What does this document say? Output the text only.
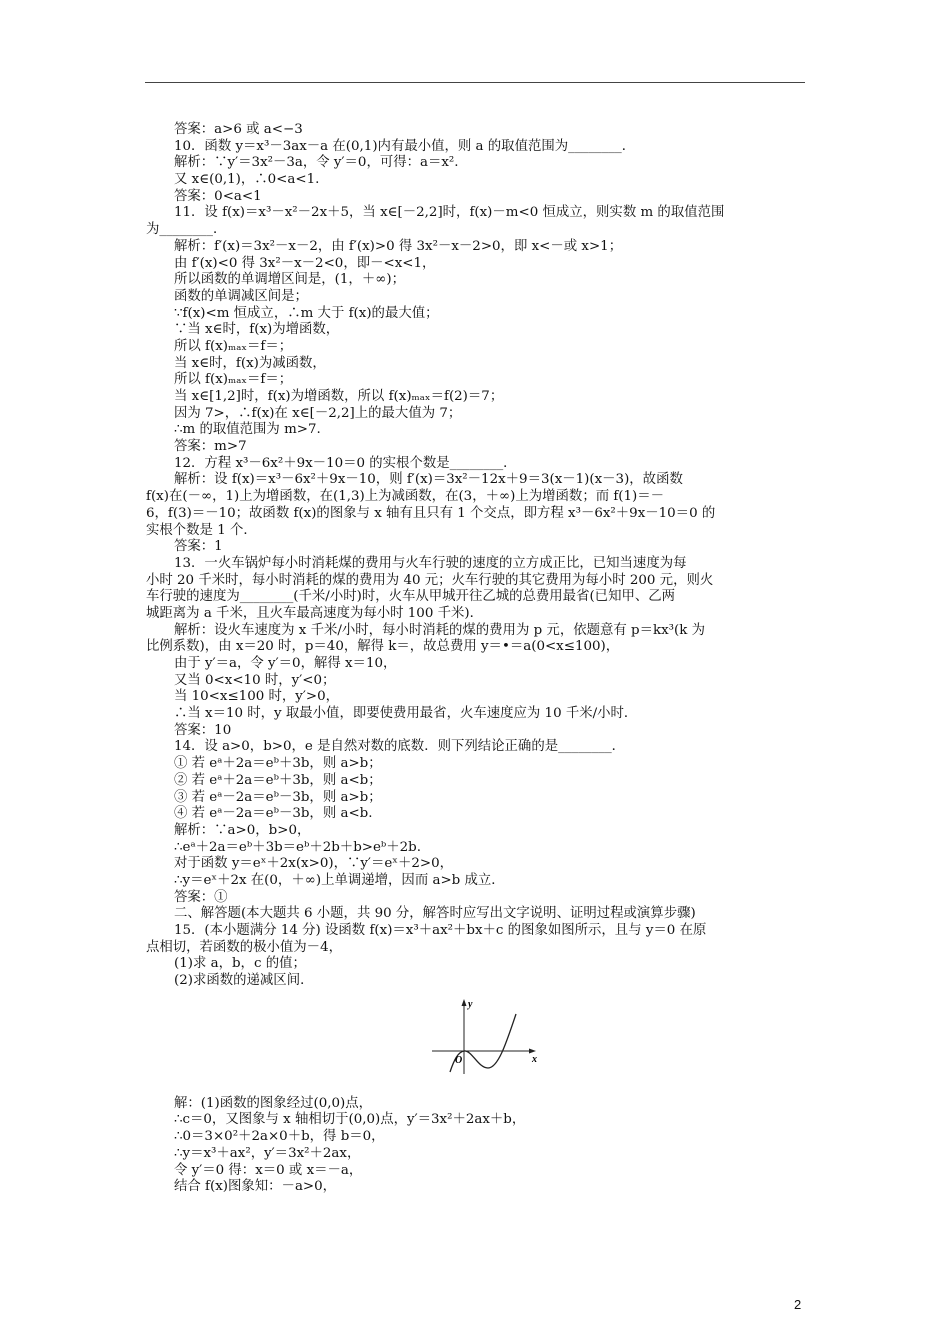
答案：a>6 或 a<−3
10．函数 y＝x³－3ax－a 在(0,1)内有最小值，则 a 的取值范围为________．
解析：∵y′＝3x²－3a，令 y′＝0，可得：a＝x².
又 x∈(0,1)，∴0<a<1.
答案：0<a<1
11．设 f(x)＝x³－x²－2x＋5，当 x∈[－2,2]时，f(x)－m<0 恒成立，则实数 m 的取值范围
为________．
解析：f′(x)＝3x²－x－2，由 f′(x)>0 得 3x²－x－2>0，即 x<－或 x>1；
由 f′(x)<0 得 3x²－x－2<0，即－<x<1，
所以函数的单调增区间是，(1，＋∞)；
函数的单调减区间是；
∵f(x)<m 恒成立，∴m 大于 f(x)的最大值；
∵当 x∈时，f(x)为增函数，
所以 f(x)ₘₐₓ＝f＝；
当 x∈时，f(x)为减函数，
所以 f(x)ₘₐₓ＝f＝；
当 x∈[1,2]时，f(x)为增函数，所以 f(x)ₘₐₓ＝f(2)＝7；
因为 7>，∴f(x)在 x∈[－2,2]上的最大值为 7；
∴m 的取值范围为 m>7.
答案：m>7
12．方程 x³－6x²＋9x－10＝0 的实根个数是________．
解析：设 f(x)＝x³－6x²＋9x－10，则 f′(x)＝3x²－12x＋9＝3(x－1)(x－3)，故函数
f(x)在(－∞，1)上为增函数，在(1,3)上为减函数，在(3，＋∞)上为增函数；而 f(1)＝－
6，f(3)＝－10；故函数 f(x)的图象与 x 轴有且只有 1 个交点，即方程 x³－6x²＋9x－10＝0 的
实根个数是 1 个．
答案：1
13．一火车锅炉每小时消耗煤的费用与火车行驶的速度的立方成正比，已知当速度为每
小时 20 千米时，每小时消耗的煤的费用为 40 元；火车行驶的其它费用为每小时 200 元，则火
车行驶的速度为________(千米/小时)时，火车从甲城开往乙城的总费用最省(已知甲、乙两
城距离为 a 千米，且火车最高速度为每小时 100 千米)．
解析：设火车速度为 x 千米/小时，每小时消耗的煤的费用为 p 元，依题意有 p＝kx³(k 为
比例系数)，由 x＝20 时，p＝40，解得 k＝，故总费用 y＝•＝a(0<x≤100)，
由于 y′＝a，令 y′＝0，解得 x＝10，
又当 0<x<10 时，y′<0；
当 10<x≤100 时，y′>0，
∴当 x＝10 时，y 取最小值，即要使费用最省，火车速度应为 10 千米/小时．
答案：10
14．设 a>0，b>0，e 是自然对数的底数．则下列结论正确的是________．
① 若 eᵃ＋2a＝eᵇ＋3b，则 a>b；
② 若 eᵃ＋2a＝eᵇ＋3b，则 a<b；
③ 若 eᵃ－2a＝eᵇ－3b，则 a>b；
④ 若 eᵃ－2a＝eᵇ－3b，则 a<b.
解析：∵a>0，b>0，
∴eᵃ＋2a＝eᵇ＋3b＝eᵇ＋2b＋b>eᵇ＋2b.
对于函数 y＝eˣ＋2x(x>0)，∵y′＝eˣ＋2>0，
∴y＝eˣ＋2x 在(0，＋∞)上单调递增，因而 a>b 成立．
答案：①
二、解答题(本大题共 6 小题，共 90 分，解答时应写出文字说明、证明过程或演算步骤)
15．(本小题满分 14 分) 设函数 f(x)＝x³＋ax²＋bx＋c 的图象如图所示，且与 y＝0 在原
点相切，若函数的极小值为－4，
(1)求 a，b，c 的值；
(2)求函数的递减区间．
y
x
O
解：(1)函数的图象经过(0,0)点，
∴c＝0，又图象与 x 轴相切于(0,0)点，y′＝3x²＋2ax＋b，
∴0＝3×0²＋2a×0＋b，得 b＝0，
∴y＝x³＋ax²，y′＝3x²＋2ax，
令 y′＝0 得：x＝0 或 x＝－a，
结合 f(x)图象知：－a>0，
2
